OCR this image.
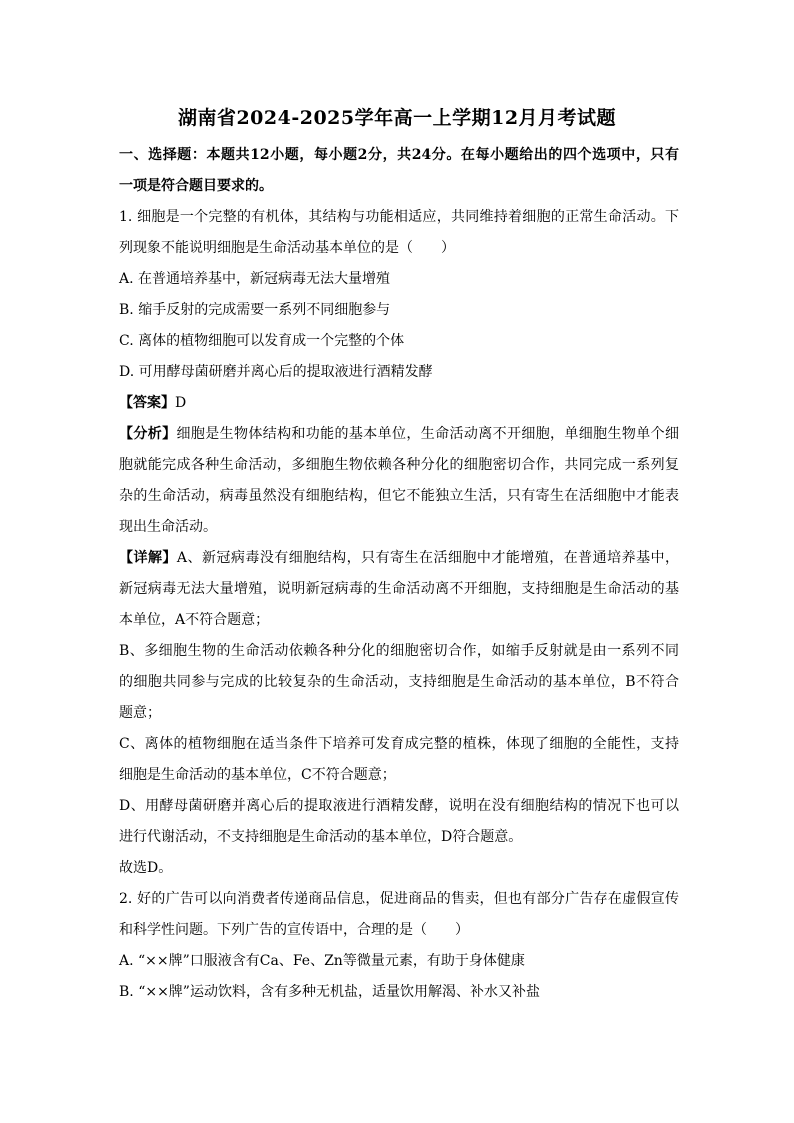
湖南省2024-2025学年高一上学期12月月考试题
一、选择题：本题共12小题，每小题2分，共24分。在每小题给出的四个选项中，只有
一项是符合题目要求的。
1. 细胞是一个完整的有机体，其结构与功能相适应，共同维持着细胞的正常生命活动。下
列现象不能说明细胞是生命活动基本单位的是（　　）
A. 在普通培养基中，新冠病毒无法大量增殖
B. 缩手反射的完成需要一系列不同细胞参与
C. 离体的植物细胞可以发育成一个完整的个体
D. 可用酵母菌研磨并离心后的提取液进行酒精发酵
【答案】D
【分析】细胞是生物体结构和功能的基本单位，生命活动离不开细胞，单细胞生物单个细
胞就能完成各种生命活动，多细胞生物依赖各种分化的细胞密切合作，共同完成一系列复
杂的生命活动，病毒虽然没有细胞结构，但它不能独立生活，只有寄生在活细胞中才能表
现出生命活动。
【详解】A、新冠病毒没有细胞结构，只有寄生在活细胞中才能增殖，在普通培养基中，
新冠病毒无法大量增殖，说明新冠病毒的生命活动离不开细胞，支持细胞是生命活动的基
本单位，A不符合题意；
B、多细胞生物的生命活动依赖各种分化的细胞密切合作，如缩手反射就是由一系列不同
的细胞共同参与完成的比较复杂的生命活动，支持细胞是生命活动的基本单位，B不符合
题意；
C、离体的植物细胞在适当条件下培养可发育成完整的植株，体现了细胞的全能性，支持
细胞是生命活动的基本单位，C不符合题意；
D、用酵母菌研磨并离心后的提取液进行酒精发酵，说明在没有细胞结构的情况下也可以
进行代谢活动，不支持细胞是生命活动的基本单位，D符合题意。
故选D。
2. 好的广告可以向消费者传递商品信息，促进商品的售卖，但也有部分广告存在虚假宣传
和科学性问题。下列广告的宣传语中，合理的是（　　）
A. “××牌”口服液含有Ca、Fe、Zn等微量元素，有助于身体健康
B. “××牌”运动饮料，含有多种无机盐，适量饮用解渴、补水又补盐
